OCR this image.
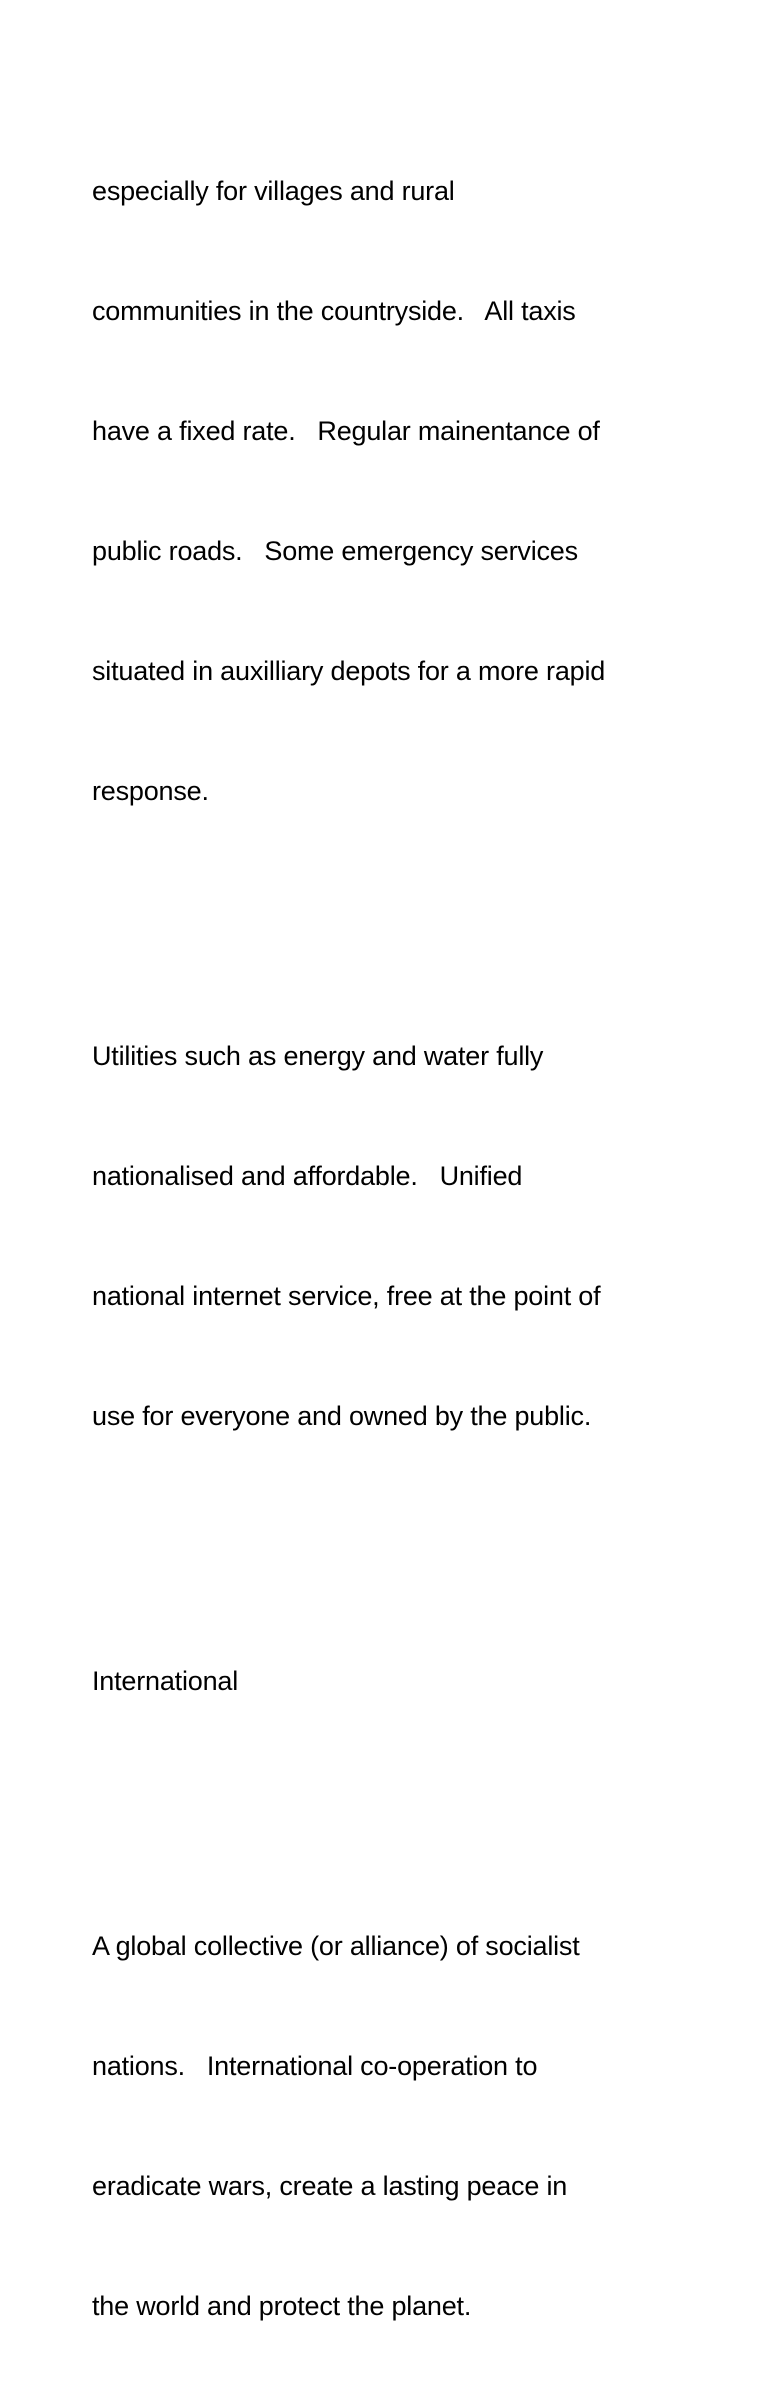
especially for villages and rural

communities in the countryside.   All taxis

have a fixed rate.   Regular mainentance of

public roads.   Some emergency services

situated in auxilliary depots for a more rapid

response.

Utilities such as energy and water fully

nationalised and affordable.   Unified

national internet service, free at the point of

use for everyone and owned by the public.

International

A global collective (or alliance) of socialist

nations.   International co-operation to

eradicate wars, create a lasting peace in

the world and protect the planet.
